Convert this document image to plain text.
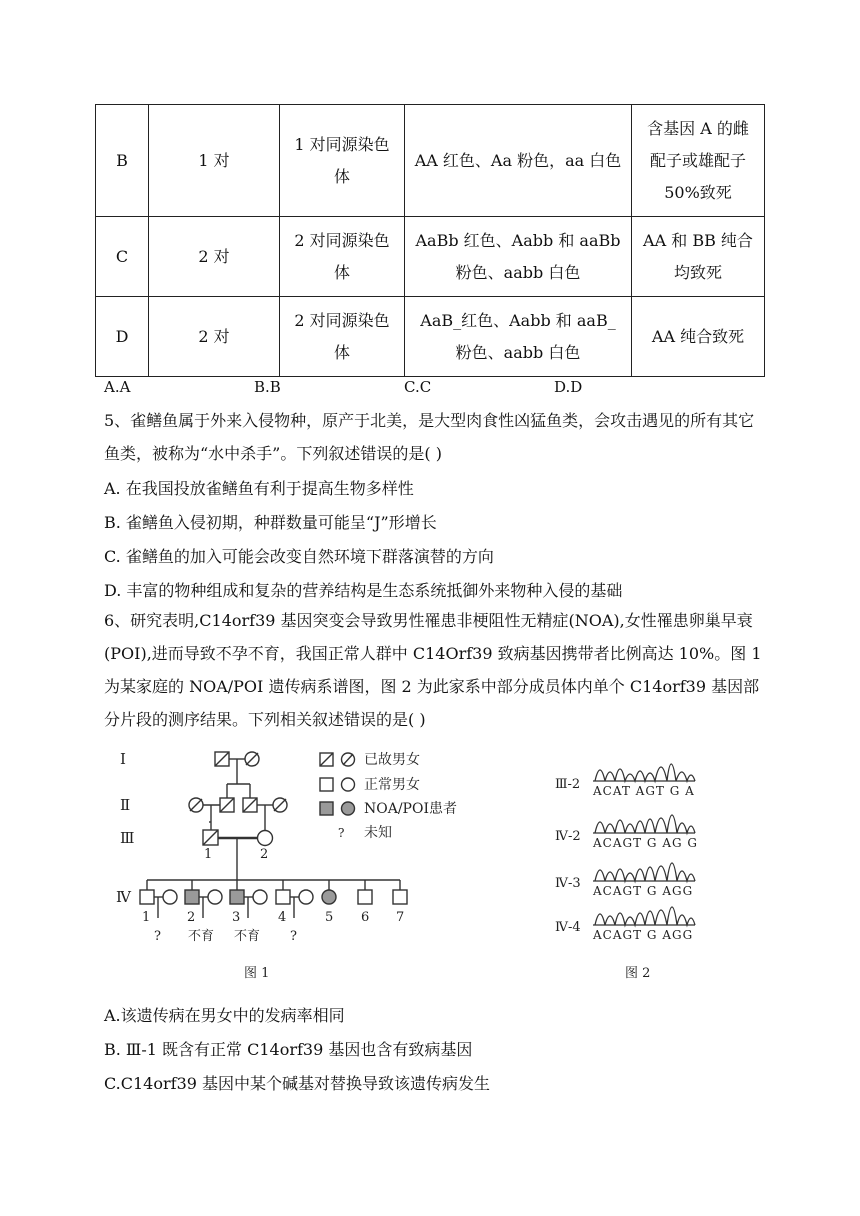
B	1 对	1 对同源染色体	AA 红色、Aa 粉色，aa 白色	含基因 A 的雌配子或雄配子50%致死
C	2 对	2 对同源染色体	AaBb 红色、Aabb 和 aaBb 粉色、aabb 白色	AA 和 BB 纯合均致死
D	2 对	2 对同源染色体	AaB_红色、Aabb 和 aaB_粉色、aabb 白色	AA 纯合致死
A.A	B.B	C.C	D.D
5、雀鳝鱼属于外来入侵物种，原产于北美，是大型肉食性凶猛鱼类，会攻击遇见的所有其它鱼类，被称为“水中杀手”。下列叙述错误的是( )
A. 在我国投放雀鳝鱼有利于提高生物多样性
B. 雀鳝鱼入侵初期，种群数量可能呈“J”形增长
C. 雀鳝鱼的加入可能会改变自然环境下群落演替的方向
D. 丰富的物种组成和复杂的营养结构是生态系统抵御外来物种入侵的基础
6、研究表明,C14orf39 基因突变会导致男性罹患非梗阻性无精症(NOA),女性罹患卵巢早衰(POI),进而导致不孕不育，我国正常人群中 C14Orf39 致病基因携带者比例高达 10%。图 1 为某家庭的 NOA/POI 遗传病系谱图，图 2 为此家系中部分成员体内单个 C14orf39 基因部分片段的测序结果。下列相关叙述错误的是( )
Ⅰ
Ⅱ
Ⅲ
Ⅳ
已故男女
正常男女
NOA/POI患者
? 未知
1	2
1	2	3	4	5 6 7
? 不育 不育 ?
图 1
Ⅲ-2
Ⅳ-2
Ⅳ-3
Ⅳ-4
ACAT AGT G A
ACAGT G AG G
ACAGT G AGG
ACAGT G AGG
图 2
A.该遗传病在男女中的发病率相同
B. Ⅲ-1 既含有正常 C14orf39 基因也含有致病基因
C.C14orf39 基因中某个碱基对替换导致该遗传病发生
